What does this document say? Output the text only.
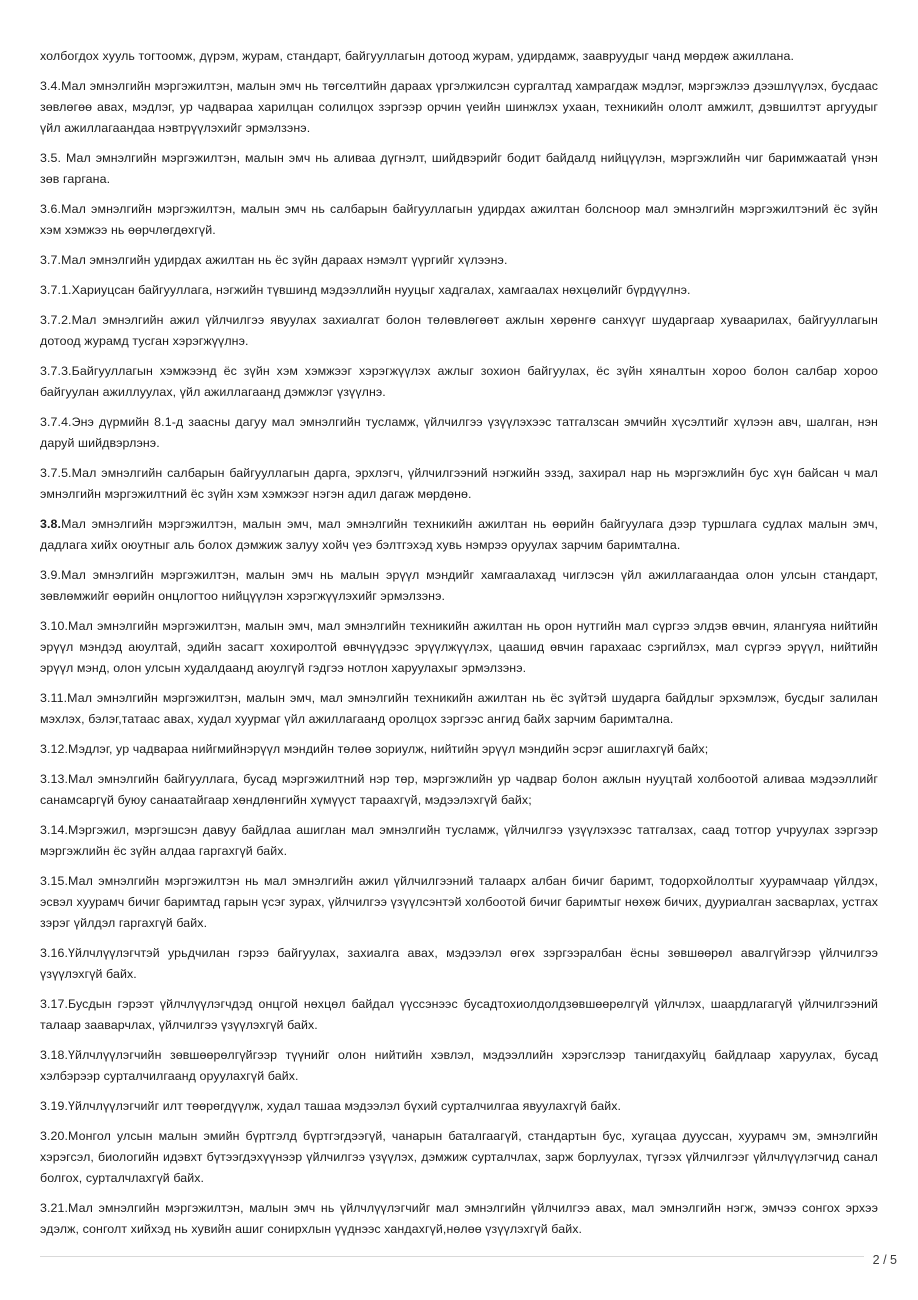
холбогдох хууль тогтоомж, дүрэм, журам, стандарт, байгууллагын дотоод журам, удирдамж, заавруудыг чанд мөрдөж ажиллана.

3.4.Мал эмнэлгийн мэргэжилтэн, малын эмч нь төгсөлтийн дараах үргэлжилсэн сургалтад хамрагдаж мэдлэг, мэргэжлээ дээшлүүлэх, бусдаас зөвлөгөө авах, мэдлэг, ур чадвараа харилцан солилцох зэргээр орчин үеийн шинжлэх ухаан, техникийн ололт амжилт, дэвшилтэт аргуудыг үйл ажиллагаандаа нэвтрүүлэхийг эрмэлзэнэ.

3.5. Мал эмнэлгийн мэргэжилтэн, малын эмч нь аливаа дүгнэлт, шийдвэрийг бодит байдалд нийцүүлэн, мэргэжлийн чиг баримжаатай үнэн зөв гаргана.

3.6.Мал эмнэлгийн мэргэжилтэн, малын эмч нь салбарын байгууллагын удирдах ажилтан болсноор мал эмнэлгийн мэргэжилтэний ёс зүйн хэм хэмжээ нь өөрчлөгдөхгүй.

3.7.Мал эмнэлгийн удирдах ажилтан нь ёс зүйн дараах нэмэлт үүргийг хүлээнэ.

3.7.1.Хариуцсан байгууллага, нэгжийн түвшинд мэдээллийн нууцыг хадгалах, хамгаалах нөхцөлийг бүрдүүлнэ.

3.7.2.Мал эмнэлгийн ажил үйлчилгээ явуулах захиалгат болон төлөвлөгөөт ажлын хөрөнгө санхүүг шударгаар хуваарилах, байгууллагын дотоод журамд тусган хэрэгжүүлнэ.

3.7.3.Байгууллагын хэмжээнд ёс зүйн хэм хэмжээг хэрэгжүүлэх ажлыг зохион байгуулах, ёс зүйн хяналтын хороо болон салбар хороо байгуулан ажиллуулах, үйл ажиллагаанд дэмжлэг үзүүлнэ.

3.7.4.Энэ дүрмийн 8.1-д заасны дагуу мал эмнэлгийн тусламж, үйлчилгээ үзүүлэхээс татгалзсан эмчийн хүсэлтийг хүлээн авч, шалган, нэн даруй шийдвэрлэнэ.

3.7.5.Мал эмнэлгийн салбарын байгууллагын дарга, эрхлэгч, үйлчилгээний нэгжийн эзэд, захирал нар нь мэргэжлийн бус хүн байсан ч мал эмнэлгийн мэргэжилтний ёс зүйн хэм хэмжээг нэгэн адил дагаж мөрдөнө.

3.8.Мал эмнэлгийн мэргэжилтэн, малын эмч, мал эмнэлгийн техникийн ажилтан нь өөрийн байгуулага дээр туршлага судлах малын эмч, дадлага хийх оюутныг аль болох дэмжиж залуу хойч үеэ бэлтгэхэд хувь нэмрээ оруулах зарчим баримтална.

3.9.Мал эмнэлгийн мэргэжилтэн, малын эмч нь малын эрүүл мэндийг хамгаалахад чиглэсэн үйл ажиллагаандаа олон улсын стандарт, зөвлөмжийг өөрийн онцлогтоо нийцүүлэн хэрэгжүүлэхийг эрмэлзэнэ.

3.10.Мал эмнэлгийн мэргэжилтэн, малын эмч, мал эмнэлгийн техникийн ажилтан нь орон нутгийн мал сүргээ элдэв өвчин, ялангуяа нийтийн эрүүл мэндэд аюултай, эдийн засагт хохиролтой өвчнүүдээс эрүүлжүүлэх, цаашид өвчин гарахаас сэргийлэх, мал сүргээ эрүүл, нийтийн эрүүл мэнд, олон улсын худалдаанд аюулгүй гэдгээ нотлон харуулахыг эрмэлзэнэ.

3.11.Мал эмнэлгийн мэргэжилтэн, малын эмч, мал эмнэлгийн техникийн ажилтан нь ёс зүйтэй шударга байдлыг эрхэмлэж, бусдыг залилан мэхлэх, бэлэг,татаас авах, худал хуурмаг үйл ажиллагаанд оролцох зэргээс ангид байх зарчим баримтална.

3.12.Мэдлэг, ур чадвараа нийгмийнэрүүл мэндийн төлөө зориулж, нийтийн эрүүл мэндийн эсрэг ашиглахгүй байх;

3.13.Мал эмнэлгийн байгууллага, бусад мэргэжилтний нэр төр, мэргэжлийн ур чадвар болон ажлын нууцтай холбоотой аливаа мэдээллийг санамсаргүй буюу санаатайгаар хөндлөнгийн хүмүүст тараахгүй, мэдээлэхгүй байх;

3.14.Мэргэжил, мэргэшсэн давуу байдлаа ашиглан мал эмнэлгийн тусламж, үйлчилгээ үзүүлэхээс татгалзах, саад тотгор учруулах зэргээр мэргэжлийн ёс зүйн алдаа гаргахгүй байх.

3.15.Мал эмнэлгийн мэргэжилтэн нь мал эмнэлгийн ажил үйлчилгээний талаарх албан бичиг баримт, тодорхойлолтыг хуурамчаар үйлдэх, эсвэл хуурамч бичиг баримтад гарын үсэг зурах, үйлчилгээ үзүүлсэнтэй холбоотой бичиг баримтыг нөхөж бичих, дууриалган засварлах, устгах зэрэг үйлдэл гаргахгүй байх.

3.16.Үйлчлүүлэгчтэй урьдчилан гэрээ байгуулах, захиалга авах, мэдээлэл өгөх зэргээралбан ёсны зөвшөөрөл авалгүйгээр үйлчилгээ үзүүлэхгүй байх.

3.17.Бусдын гэрээт үйлчлүүлэгчдэд онцгой нөхцөл байдал үүссэнээс бусадтохиолдолдзөвшөөрөлгүй үйлчлэх, шаардлагагүй үйлчилгээний талаар зааварчлах, үйлчилгээ үзүүлэхгүй байх.

3.18.Үйлчлүүлэгчийн зөвшөөрөлгүйгээр түүнийг олон нийтийн хэвлэл, мэдээллийн хэрэгслээр танигдахуйц байдлаар харуулах, бусад хэлбэрээр сурталчилгаанд оруулахгүй байх.

3.19.Үйлчлүүлэгчийг илт төөрөгдүүлж, худал ташаа мэдээлэл бүхий сурталчилгаа явуулахгүй байх.

3.20.Монгол улсын малын эмийн бүртгэлд бүртгэгдээгүй, чанарын баталгаагүй, стандартын бус, хугацаа дууссан, хуурамч эм, эмнэлгийн хэрэгсэл, биологийн идэвхт бүтээгдэхүүнээр үйлчилгээ үзүүлэх, дэмжиж сурталчлах, зарж борлуулах, түгээх үйлчилгээг үйлчлүүлэгчид санал болгох, сурталчлахгүй байх.

3.21.Мал эмнэлгийн мэргэжилтэн, малын эмч нь үйлчлүүлэгчийг мал эмнэлгийн үйлчилгээ авах, мал эмнэлгийн нэгж, эмчээ сонгох эрхээ эдэлж, сонголт хийхэд нь хувийн ашиг сонирхлын үүднээс хандахгүй,нөлөө үзүүлэхгүй байх.

2 / 5
